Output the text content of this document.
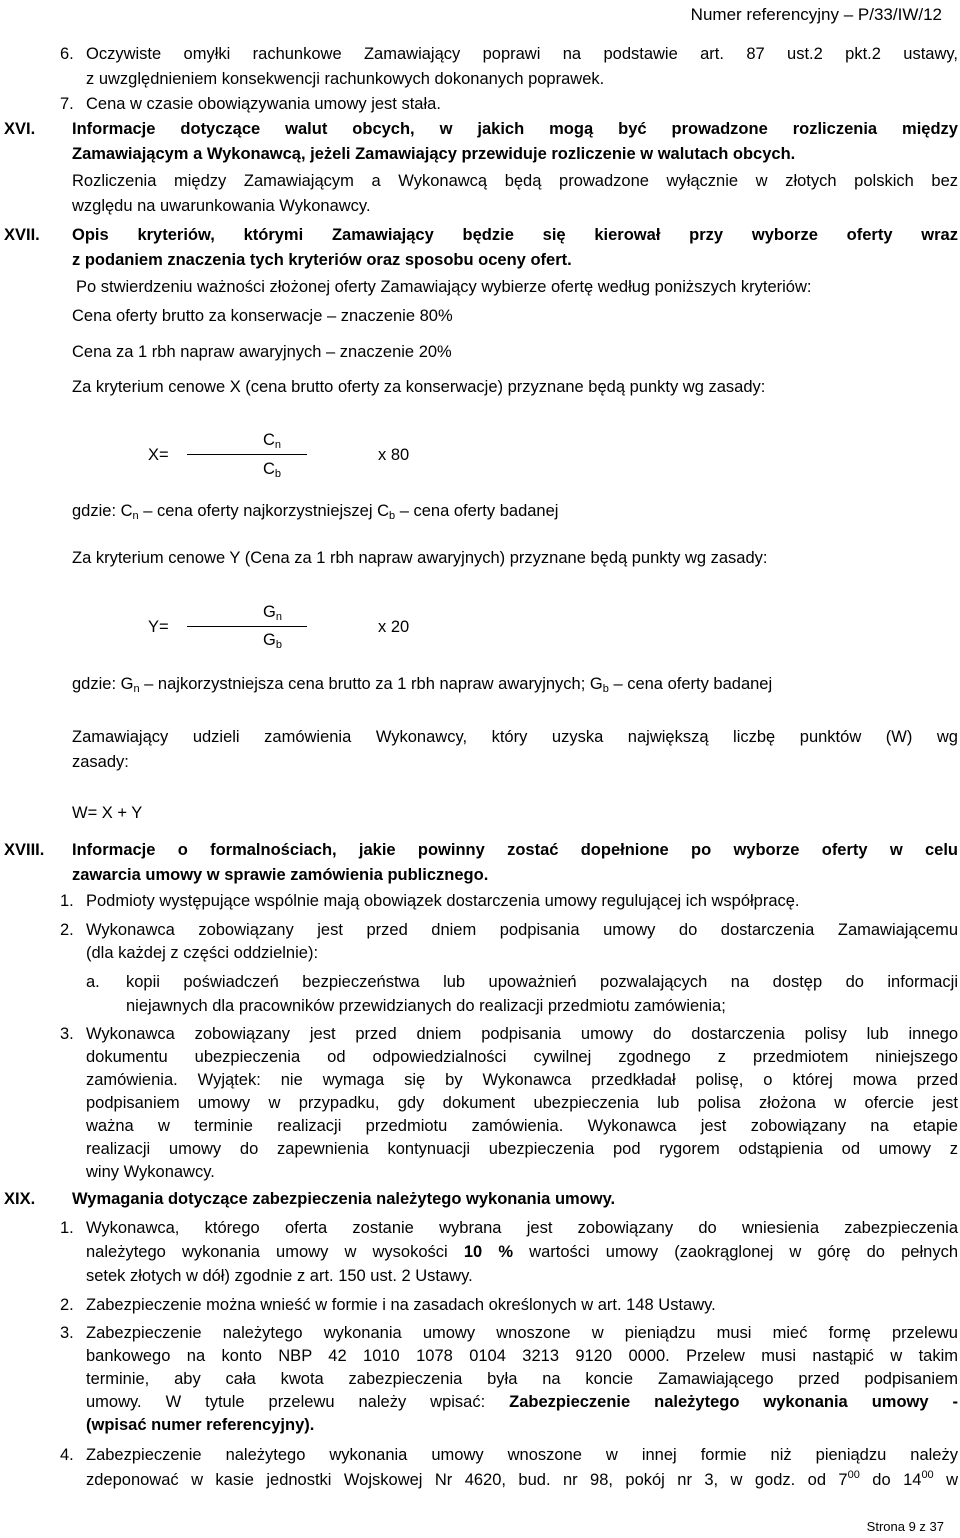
Numer referencyjny – P/33/IW/12
6. Oczywiste omyłki rachunkowe Zamawiający poprawi na podstawie art. 87 ust.2 pkt.2 ustawy,
z uwzględnieniem konsekwencji rachunkowych dokonanych poprawek.
7. Cena w czasie obowiązywania umowy jest stała.
XVI. Informacje dotyczące walut obcych, w jakich mogą być prowadzone rozliczenia między
Zamawiającym a Wykonawcą, jeżeli Zamawiający przewiduje rozliczenie w walutach obcych.
Rozliczenia między Zamawiającym a Wykonawcą będą prowadzone wyłącznie w złotych polskich bez
względu na uwarunkowania Wykonawcy.
XVII. Opis kryteriów, którymi Zamawiający będzie się kierował przy wyborze oferty wraz
z podaniem znaczenia tych kryteriów oraz sposobu oceny ofert.
Po stwierdzeniu ważności złożonej oferty Zamawiający wybierze ofertę według poniższych kryteriów:
Cena oferty brutto za konserwacje – znaczenie 80%
Cena za 1 rbh napraw awaryjnych – znaczenie 20%
Za kryterium cenowe X (cena brutto oferty za konserwacje) przyznane będą punkty wg zasady:
X=
$C_n$
$C_b$
x 80
gdzie: $C_n$ – cena oferty najkorzystniejszej $C_b$ – cena oferty badanej
Za kryterium cenowe Y (Cena za 1 rbh napraw awaryjnych) przyznane będą punkty wg zasady:
Y=
$G_n$
$G_b$
x 20
gdzie: $G_n$ – najkorzystniejsza cena brutto za 1 rbh napraw awaryjnych; $G_b$ – cena oferty badanej
Zamawiający udzieli zamówienia Wykonawcy, który uzyska największą liczbę punktów (W) wg
zasady:
W= X + Y
XVIII. Informacje o formalnościach, jakie powinny zostać dopełnione po wyborze oferty w celu
zawarcia umowy w sprawie zamówienia publicznego.
1. Podmioty występujące wspólnie mają obowiązek dostarczenia umowy regulującej ich współpracę.
2. Wykonawca zobowiązany jest przed dniem podpisania umowy do dostarczenia Zamawiającemu
(dla każdej z części oddzielnie):
a. kopii poświadczeń bezpieczeństwa lub upoważnień pozwalających na dostęp do informacji
niejawnych dla pracowników przewidzianych do realizacji przedmiotu zamówienia;
3. Wykonawca zobowiązany jest przed dniem podpisania umowy do dostarczenia polisy lub innego
dokumentu ubezpieczenia od odpowiedzialności cywilnej zgodnego z przedmiotem niniejszego
zamówienia. Wyjątek: nie wymaga się by Wykonawca przedkładał polisę, o której mowa przed
podpisaniem umowy w przypadku, gdy dokument ubezpieczenia lub polisa złożona w ofercie jest
ważna w terminie realizacji przedmiotu zamówienia. Wykonawca jest zobowiązany na etapie
realizacji umowy do zapewnienia kontynuacji ubezpieczenia pod rygorem odstąpienia od umowy z
winy Wykonawcy.
XIX. Wymagania dotyczące zabezpieczenia należytego wykonania umowy.
1. Wykonawca, którego oferta zostanie wybrana jest zobowiązany do wniesienia zabezpieczenia
należytego wykonania umowy w wysokości 10 % wartości umowy (zaokrąglonej w górę do pełnych
setek złotych w dół) zgodnie z art. 150 ust. 2 Ustawy.
2. Zabezpieczenie można wnieść w formie i na zasadach określonych w art. 148 Ustawy.
3. Zabezpieczenie należytego wykonania umowy wnoszone w pieniądzu musi mieć formę przelewu
bankowego na konto NBP 42 1010 1078 0104 3213 9120 0000. Przelew musi nastąpić w takim
terminie, aby cała kwota zabezpieczenia była na koncie Zamawiającego przed podpisaniem
umowy. W tytule przelewu należy wpisać: Zabezpieczenie należytego wykonania umowy -
(wpisać numer referencyjny).
4. Zabezpieczenie należytego wykonania umowy wnoszone w innej formie niż pieniądzu należy
zdeponować w kasie jednostki Wojskowej Nr 4620, bud. nr 98, pokój nr 3, w godz. od $7^{00}$ do $14^{00}$ w
Strona 9 z 37
